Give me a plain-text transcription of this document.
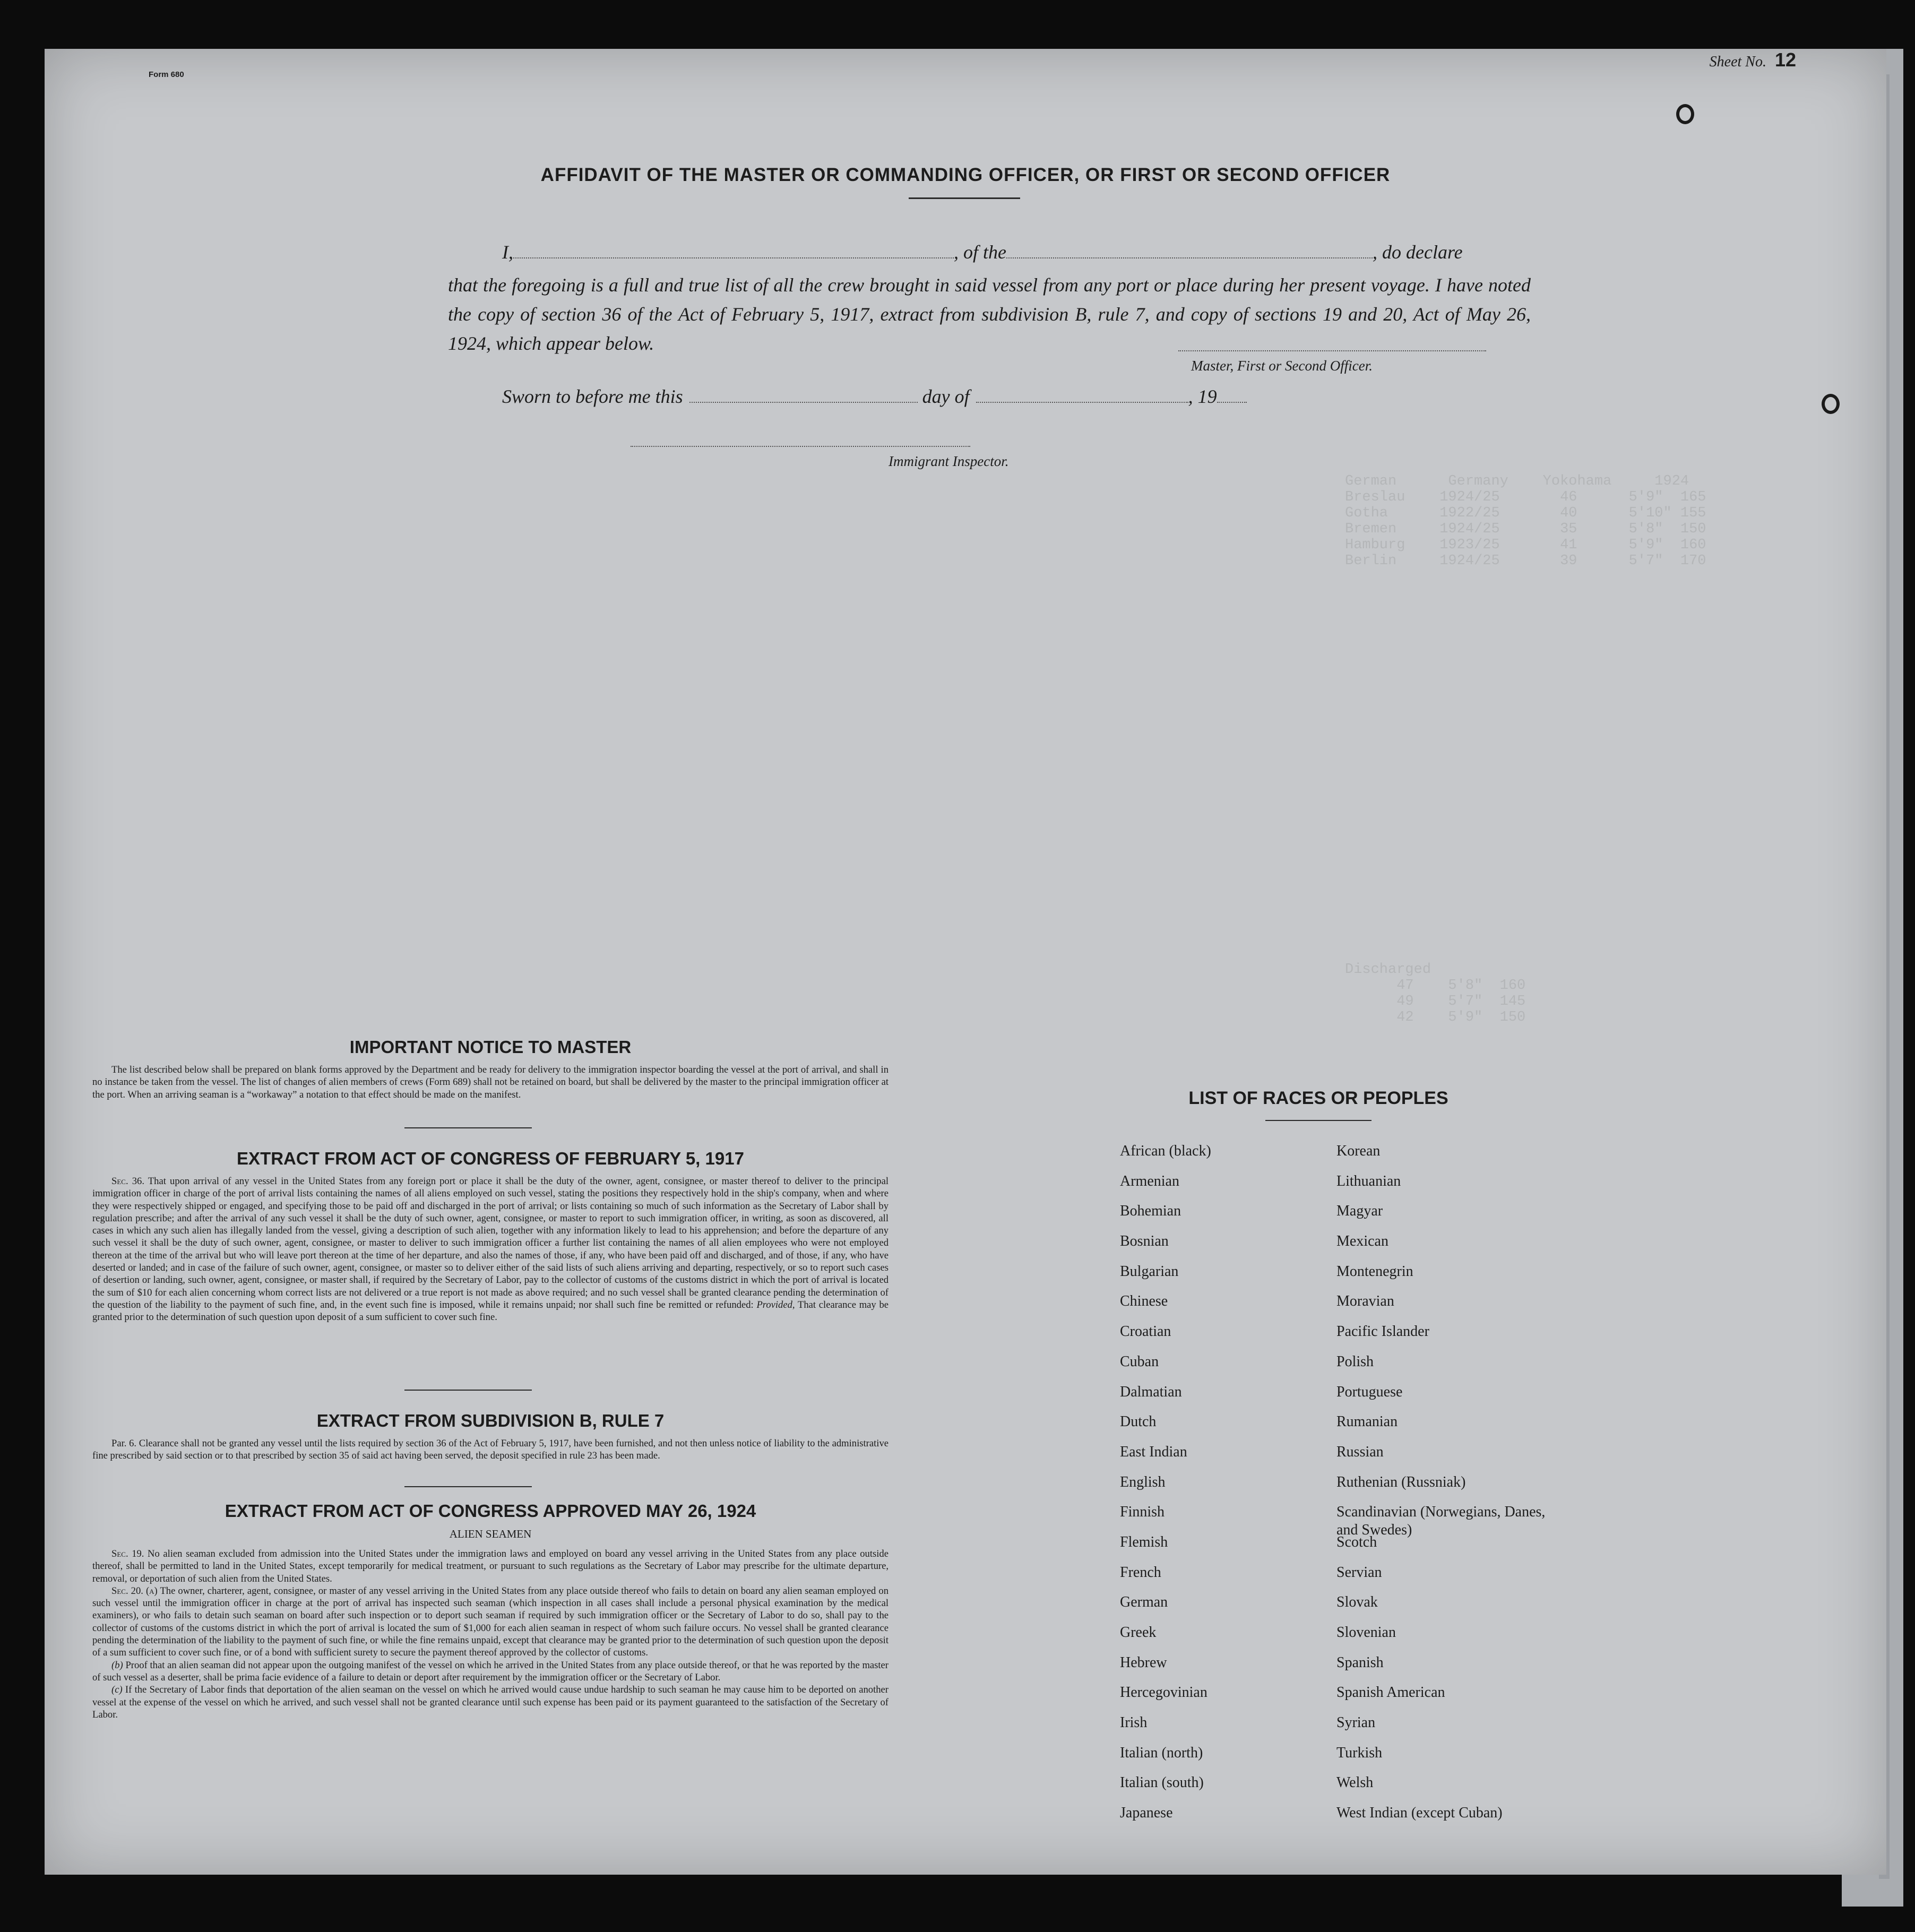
German      Germany    Yokohama     1924
Breslau    1924/25       46      5'9"  165
Gotha      1922/25       40      5'10" 155
Bremen     1924/25       35      5'8"  150
Hamburg    1923/25       41      5'9"  160
Berlin     1924/25       39      5'7"  170
Discharged
47    5'8"  160
49    5'7"  145
42    5'9"  150
Form 680
Sheet No. 12
AFFIDAVIT OF THE MASTER OR COMMANDING OFFICER, OR FIRST OR SECOND OFFICER
I,	, of the	, do declare
that the foregoing is a full and true list of all the crew brought in said vessel from any port or place during her present voyage. I have noted the copy of section 36 of the Act of February 5, 1917, extract from subdivision B, rule 7, and copy of sections 19 and 20, Act of May 26, 1924, which appear below.
Master, First or Second Officer.
Sworn to before me this	day of	, 19
Immigrant Inspector.
IMPORTANT NOTICE TO MASTER
The list described below shall be prepared on blank forms approved by the Department and be ready for delivery to the immigration inspector boarding the vessel at the port of arrival, and shall in no instance be taken from the vessel. The list of changes of alien members of crews (Form 689) shall not be retained on board, but shall be delivered by the master to the principal immigration officer at the port. When an arriving seaman is a “workaway” a notation to that effect should be made on the manifest.
EXTRACT FROM ACT OF CONGRESS OF FEBRUARY 5, 1917
Sec. 36. That upon arrival of any vessel in the United States from any foreign port or place it shall be the duty of the owner, agent, consignee, or master thereof to deliver to the principal immigration officer in charge of the port of arrival lists containing the names of all aliens employed on such vessel, stating the positions they respectively hold in the ship's company, when and where they were respectively shipped or engaged, and specifying those to be paid off and discharged in the port of arrival; or lists containing so much of such information as the Secretary of Labor shall by regulation prescribe; and after the arrival of any such vessel it shall be the duty of such owner, agent, consignee, or master to report to such immigration officer, in writing, as soon as discovered, all cases in which any such alien has illegally landed from the vessel, giving a description of such alien, together with any information likely to lead to his apprehension; and before the departure of any such vessel it shall be the duty of such owner, agent, consignee, or master to deliver to such immigration officer a further list containing the names of all alien employees who were not employed thereon at the time of the arrival but who will leave port thereon at the time of her departure, and also the names of those, if any, who have been paid off and discharged, and of those, if any, who have deserted or landed; and in case of the failure of such owner, agent, consignee, or master so to deliver either of the said lists of such aliens arriving and departing, respectively, or so to report such cases of desertion or landing, such owner, agent, consignee, or master shall, if required by the Secretary of Labor, pay to the collector of customs of the customs district in which the port of arrival is located the sum of $10 for each alien concerning whom correct lists are not delivered or a true report is not made as above required; and no such vessel shall be granted clearance pending the determination of the question of the liability to the payment of such fine, and, in the event such fine is imposed, while it remains unpaid; nor shall such fine be remitted or refunded: Provided, That clearance may be granted prior to the determination of such question upon deposit of a sum sufficient to cover such fine.
EXTRACT FROM SUBDIVISION B, RULE 7
Par. 6. Clearance shall not be granted any vessel until the lists required by section 36 of the Act of February 5, 1917, have been furnished, and not then unless notice of liability to the administrative fine prescribed by said section or to that prescribed by section 35 of said act having been served, the deposit specified in rule 23 has been made.
EXTRACT FROM ACT OF CONGRESS APPROVED MAY 26, 1924
ALIEN SEAMEN
Sec. 19. No alien seaman excluded from admission into the United States under the immigration laws and employed on board any vessel arriving in the United States from any place outside thereof, shall be permitted to land in the United States, except temporarily for medical treatment, or pursuant to such regulations as the Secretary of Labor may prescribe for the ultimate departure, removal, or deportation of such alien from the United States.
Sec. 20. (a) The owner, charterer, agent, consignee, or master of any vessel arriving in the United States from any place outside thereof who fails to detain on board any alien seaman employed on such vessel until the immigration officer in charge at the port of arrival has inspected such seaman (which inspection in all cases shall include a personal physical examination by the medical examiners), or who fails to detain such seaman on board after such inspection or to deport such seaman if required by such immigration officer or the Secretary of Labor to do so, shall pay to the collector of customs of the customs district in which the port of arrival is located the sum of $1,000 for each alien seaman in respect of whom such failure occurs. No vessel shall be granted clearance pending the determination of the liability to the payment of such fine, or while the fine remains unpaid, except that clearance may be granted prior to the determination of such question upon the deposit of a sum sufficient to cover such fine, or of a bond with sufficient surety to secure the payment thereof approved by the collector of customs.
(b) Proof that an alien seaman did not appear upon the outgoing manifest of the vessel on which he arrived in the United States from any place outside thereof, or that he was reported by the master of such vessel as a deserter, shall be prima facie evidence of a failure to detain or deport after requirement by the immigration officer or the Secretary of Labor.
(c) If the Secretary of Labor finds that deportation of the alien seaman on the vessel on which he arrived would cause undue hardship to such seaman he may cause him to be deported on another vessel at the expense of the vessel on which he arrived, and such vessel shall not be granted clearance until such expense has been paid or its payment guaranteed to the satisfaction of the Secretary of Labor.
LIST OF RACES OR PEOPLES
African (black)
Armenian
Bohemian
Bosnian
Bulgarian
Chinese
Croatian
Cuban
Dalmatian
Dutch
East Indian
English
Finnish
Flemish
French
German
Greek
Hebrew
Hercegovinian
Irish
Italian (north)
Italian (south)
Japanese
Korean
Lithuanian
Magyar
Mexican
Montenegrin
Moravian
Pacific Islander
Polish
Portuguese
Rumanian
Russian
Ruthenian (Russniak)
Scandinavian (Norwegians, Danes, and Swedes)
Scotch
Servian
Slovak
Slovenian
Spanish
Spanish American
Syrian
Turkish
Welsh
West Indian (except Cuban)
